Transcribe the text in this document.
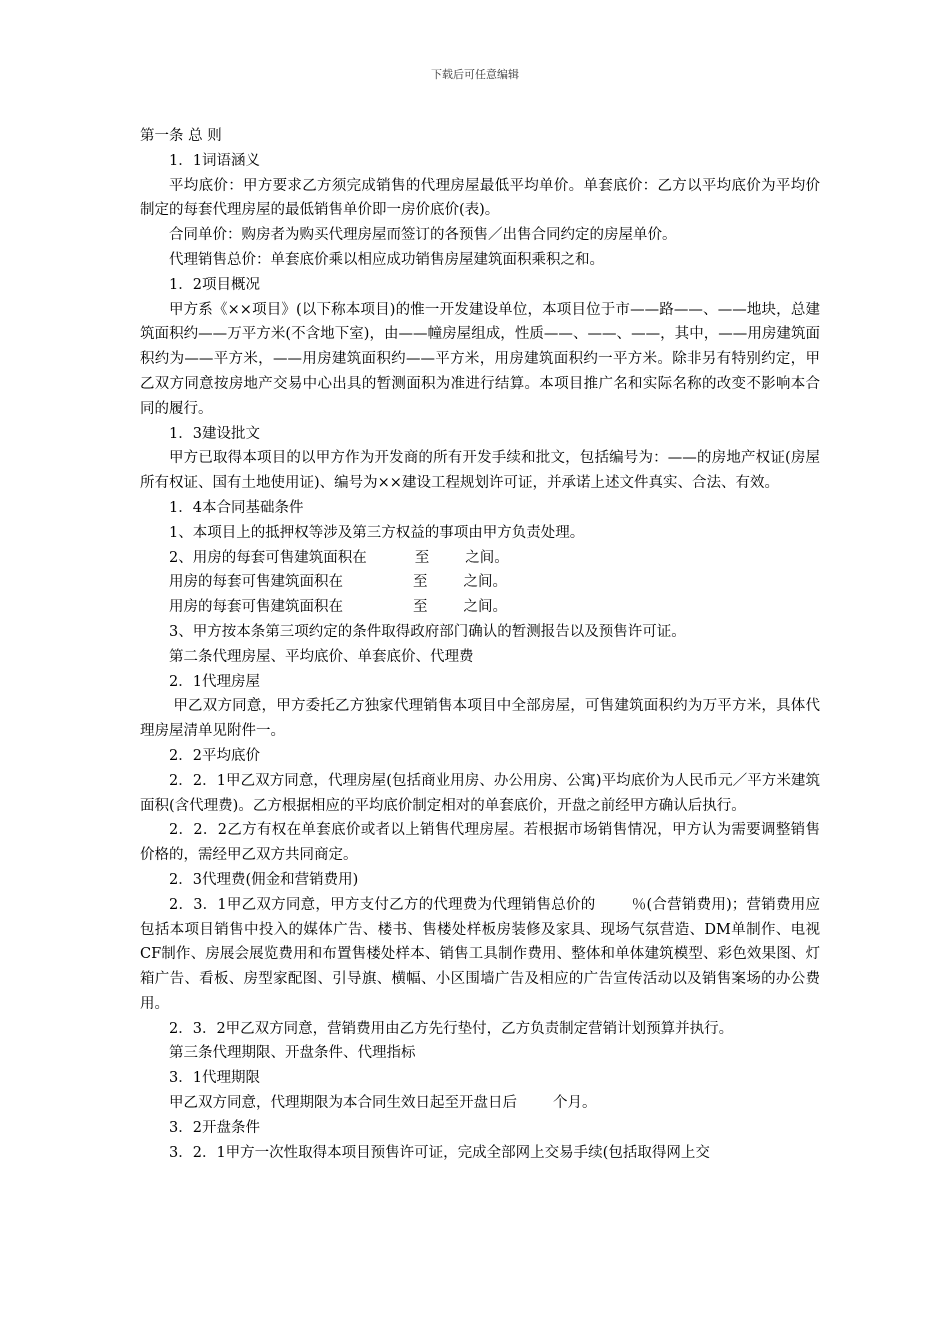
下载后可任意编辑

第一条 总 则

1．1词语涵义

平均底价：甲方要求乙方须完成销售的代理房屋最低平均单价。单套底价：乙方以平均底价为平均价制定的每套代理房屋的最低销售单价即一房价底价(表)。

合同单价：购房者为购买代理房屋而签订的各预售／出售合同约定的房屋单价。

代理销售总价：单套底价乘以相应成功销售房屋建筑面积乘积之和。

1．2项目概况

甲方系《××项目》(以下称本项目)的惟一开发建设单位，本项目位于市——路——、——地块，总建筑面积约——万平方米(不含地下室)，由——幢房屋组成，性质——、——、——，其中，——用房建筑面积约为——平方米，——用房建筑面积约——平方米，用房建筑面积约一平方米。除非另有特别约定，甲乙双方同意按房地产交易中心出具的暂测面积为准进行结算。本项目推广名和实际名称的改变不影响本合同的履行。

1．3建设批文

甲方已取得本项目的以甲方作为开发商的所有开发手续和批文，包括编号为：——的房地产权证(房屋所有权证、国有土地使用证)、编号为××建设工程规划许可证，并承诺上述文件真实、合法、有效。

1．4本合同基础条件

1、本项目上的抵押权等涉及第三方权益的事项由甲方负责处理。

2、用房的每套可售建筑面积在	至 之间。

用房的每套可售建筑面积在	至 之间。

用房的每套可售建筑面积在	至 之间。

3、甲方按本条第三项约定的条件取得政府部门确认的暂测报告以及预售许可证。

第二条代理房屋、平均底价、单套底价、代理费

2．1代理房屋

甲乙双方同意，甲方委托乙方独家代理销售本项目中全部房屋，可售建筑面积约为万平方米，具体代理房屋清单见附件一。

2．2平均底价

2．2．1甲乙双方同意，代理房屋(包括商业用房、办公用房、公寓)平均底价为人民币元／平方米建筑面积(含代理费)。乙方根据相应的平均底价制定相对的单套底价，开盘之前经甲方确认后执行。

2．2．2乙方有权在单套底价或者以上销售代理房屋。若根据市场销售情况，甲方认为需要调整销售价格的，需经甲乙双方共同商定。

2．3代理费(佣金和营销费用)

2．3．1甲乙双方同意，甲方支付乙方的代理费为代理销售总价的 ％(合营销费用)；营销费用应包括本项目销售中投入的媒体广告、楼书、售楼处样板房装修及家具、现场气氛营造、DM单制作、电视CF制作、房展会展览费用和布置售楼处样本、销售工具制作费用、整体和单体建筑模型、彩色效果图、灯箱广告、看板、房型家配图、引导旗、横幅、小区围墙广告及相应的广告宣传活动以及销售案场的办公费用。

2．3．2甲乙双方同意，营销费用由乙方先行垫付，乙方负责制定营销计划预算并执行。

第三条代理期限、开盘条件、代理指标

3．1代理期限

甲乙双方同意，代理期限为本合同生效日起至开盘日后 个月。

3．2开盘条件

3．2．1甲方一次性取得本项目预售许可证，完成全部网上交易手续(包括取得网上交
